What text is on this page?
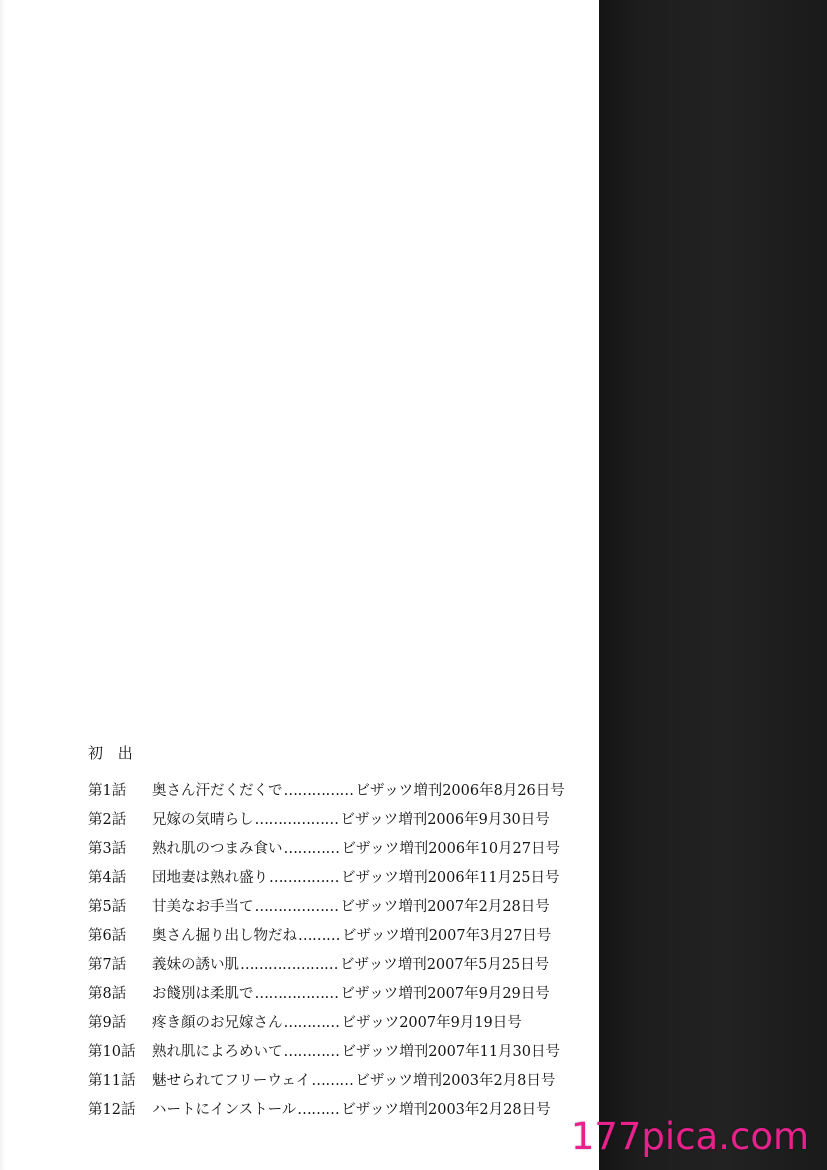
初 出
第1話	奥さん汗だくだくで …………… ビザッツ増刊2006年8月26日号
第2話	兄嫁の気晴らし ……………… ビザッツ増刊2006年9月30日号
第3話	熟れ肌のつまみ食い ………… ビザッツ増刊2006年10月27日号
第4話	団地妻は熟れ盛り …………… ビザッツ増刊2006年11月25日号
第5話	甘美なお手当て ……………… ビザッツ増刊2007年2月28日号
第6話	奥さん掘り出し物だね ……… ビザッツ増刊2007年3月27日号
第7話	義妹の誘い肌 ………………… ビザッツ増刊2007年5月25日号
第8話	お餞別は柔肌で ……………… ビザッツ増刊2007年9月29日号
第9話	疼き顔のお兄嫁さん ………… ビザッツ2007年9月19日号
第10話	熟れ肌によろめいて ………… ビザッツ増刊2007年11月30日号
第11話	魅せられてフリーウェイ ……… ビザッツ増刊2003年2月8日号
第12話	ハートにインストール ……… ビザッツ増刊2003年2月28日号
177pica.com
